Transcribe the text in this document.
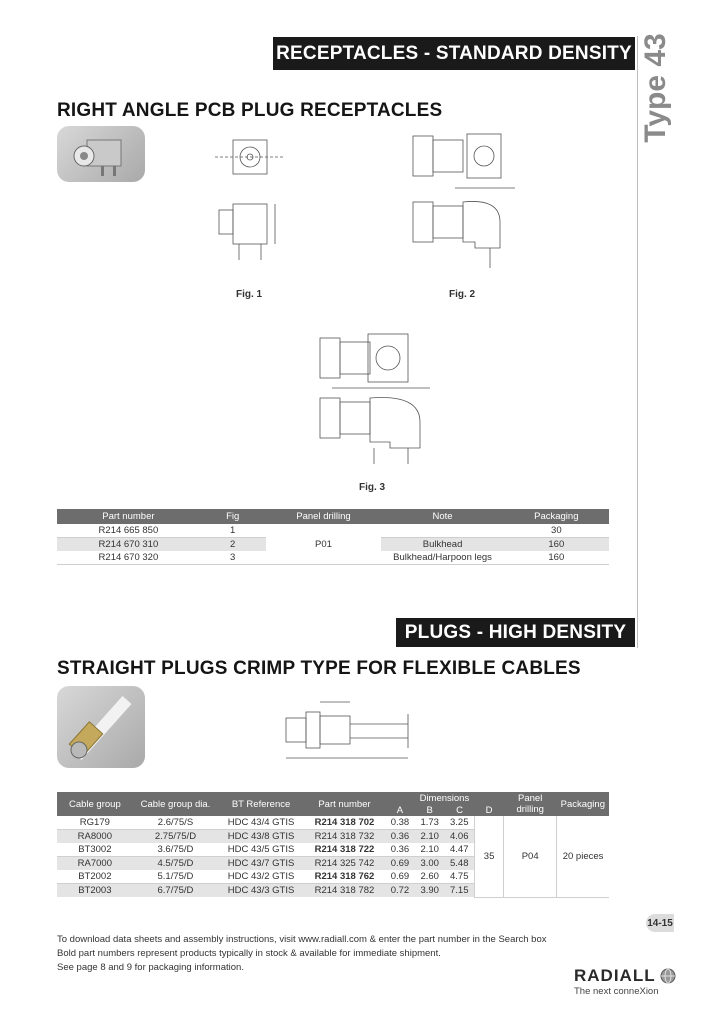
Type 43
RECEPTACLES - STANDARD DENSITY
RIGHT ANGLE PCB PLUG RECEPTACLES
Fig. 1	Fig. 2
Fig. 3
Part number	Fig	Panel drilling	Note	Packaging
R214 665 850	1	P01		30
R214 670 310	2		Bulkhead	160
R214 670 320	3		Bulkhead/Harpoon legs	160
PLUGS - HIGH DENSITY
STRAIGHT PLUGS CRIMP TYPE FOR FLEXIBLE CABLES
Cable group	Cable group dia.	BT Reference	Part number	Dimensions				Panel drilling	Packaging
				A	B	C	D		
RG179	2.6/75/S	HDC 43/4 GTIS	R214 318 702	0.38	1.73	3.25	35	P04	20 pieces
RA8000	2.75/75/D	HDC 43/8 GTIS	R214 318 732	0.36	2.10	4.06			
BT3002	3.6/75/D	HDC 43/5 GTIS	R214 318 722	0.36	2.10	4.47			
RA7000	4.5/75/D	HDC 43/7 GTIS	R214 325 742	0.69	3.00	5.48			
BT2002	5.1/75/D	HDC 43/2 GTIS	R214 318 762	0.69	2.60	4.75			
BT2003	6.7/75/D	HDC 43/3 GTIS	R214 318 782	0.72	3.90	7.15			
14-15
To download data sheets and assembly instructions, visit www.radiall.com & enter the part number in the Search box
Bold part numbers represent products typically in stock & available for immediate shipment.
See page 8 and 9 for packaging information.	RADIALL
The next conneXion
